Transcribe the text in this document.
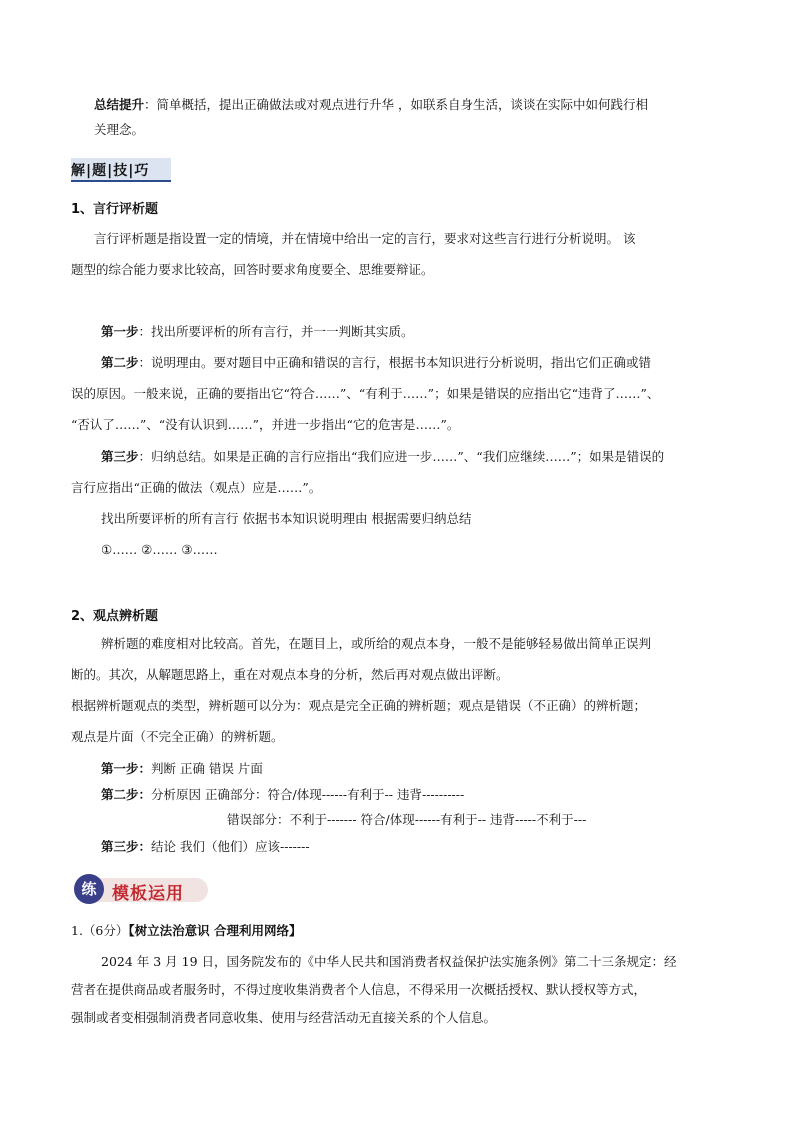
总结提升：简单概括，提出正确做法或对观点进行升华 ，如联系自身生活，谈谈在实际中如何践行相
关理念。
解|题|技|巧
1、言行评析题
言行评析题是指设置一定的情境，并在情境中给出一定的言行，要求对这些言行进行分析说明。 该
题型的综合能力要求比较高，回答时要求角度要全、思维要辩证。
第一步：找出所要评析的所有言行，并一一判断其实质。
第二步：说明理由。要对题目中正确和错误的言行，根据书本知识进行分析说明，指出它们正确或错
误的原因。一般来说，正确的要指出它“符合……”、“有利于……”；如果是错误的应指出它“违背了……”、
“否认了……”、“没有认识到……”，并进一步指出“它的危害是……”。
第三步：归纳总结。如果是正确的言行应指出“我们应进一步……”、“我们应继续……”；如果是错误的
言行应指出“正确的做法（观点）应是……”。
找出所要评析的所有言行 依据书本知识说明理由 根据需要归纳总结
①…… ②…… ③……
2、观点辨析题
辨析题的难度相对比较高。首先，在题目上，或所给的观点本身，一般不是能够轻易做出简单正误判
断的。其次，从解题思路上，重在对观点本身的分析，然后再对观点做出评断。
根据辨析题观点的类型，辨析题可以分为：观点是完全正确的辨析题；观点是错误（不正确）的辨析题；
观点是片面（不完全正确）的辨析题。
第一步：判断 正确 错误 片面
第二步：分析原因 正确部分：符合/体现------有利于-- 违背----------
错误部分：不利于------- 符合/体现------有利于-- 违背-----不利于---
第三步：结论 我们（他们）应该-------
练 模板运用
1.（6分）【树立法治意识 合理利用网络】
2024 年 3 月 19 日，国务院发布的《中华人民共和国消费者权益保护法实施条例》第二十三条规定：经
营者在提供商品或者服务时，不得过度收集消费者个人信息，不得采用一次概括授权、默认授权等方式，
强制或者变相强制消费者同意收集、使用与经营活动无直接关系的个人信息。
